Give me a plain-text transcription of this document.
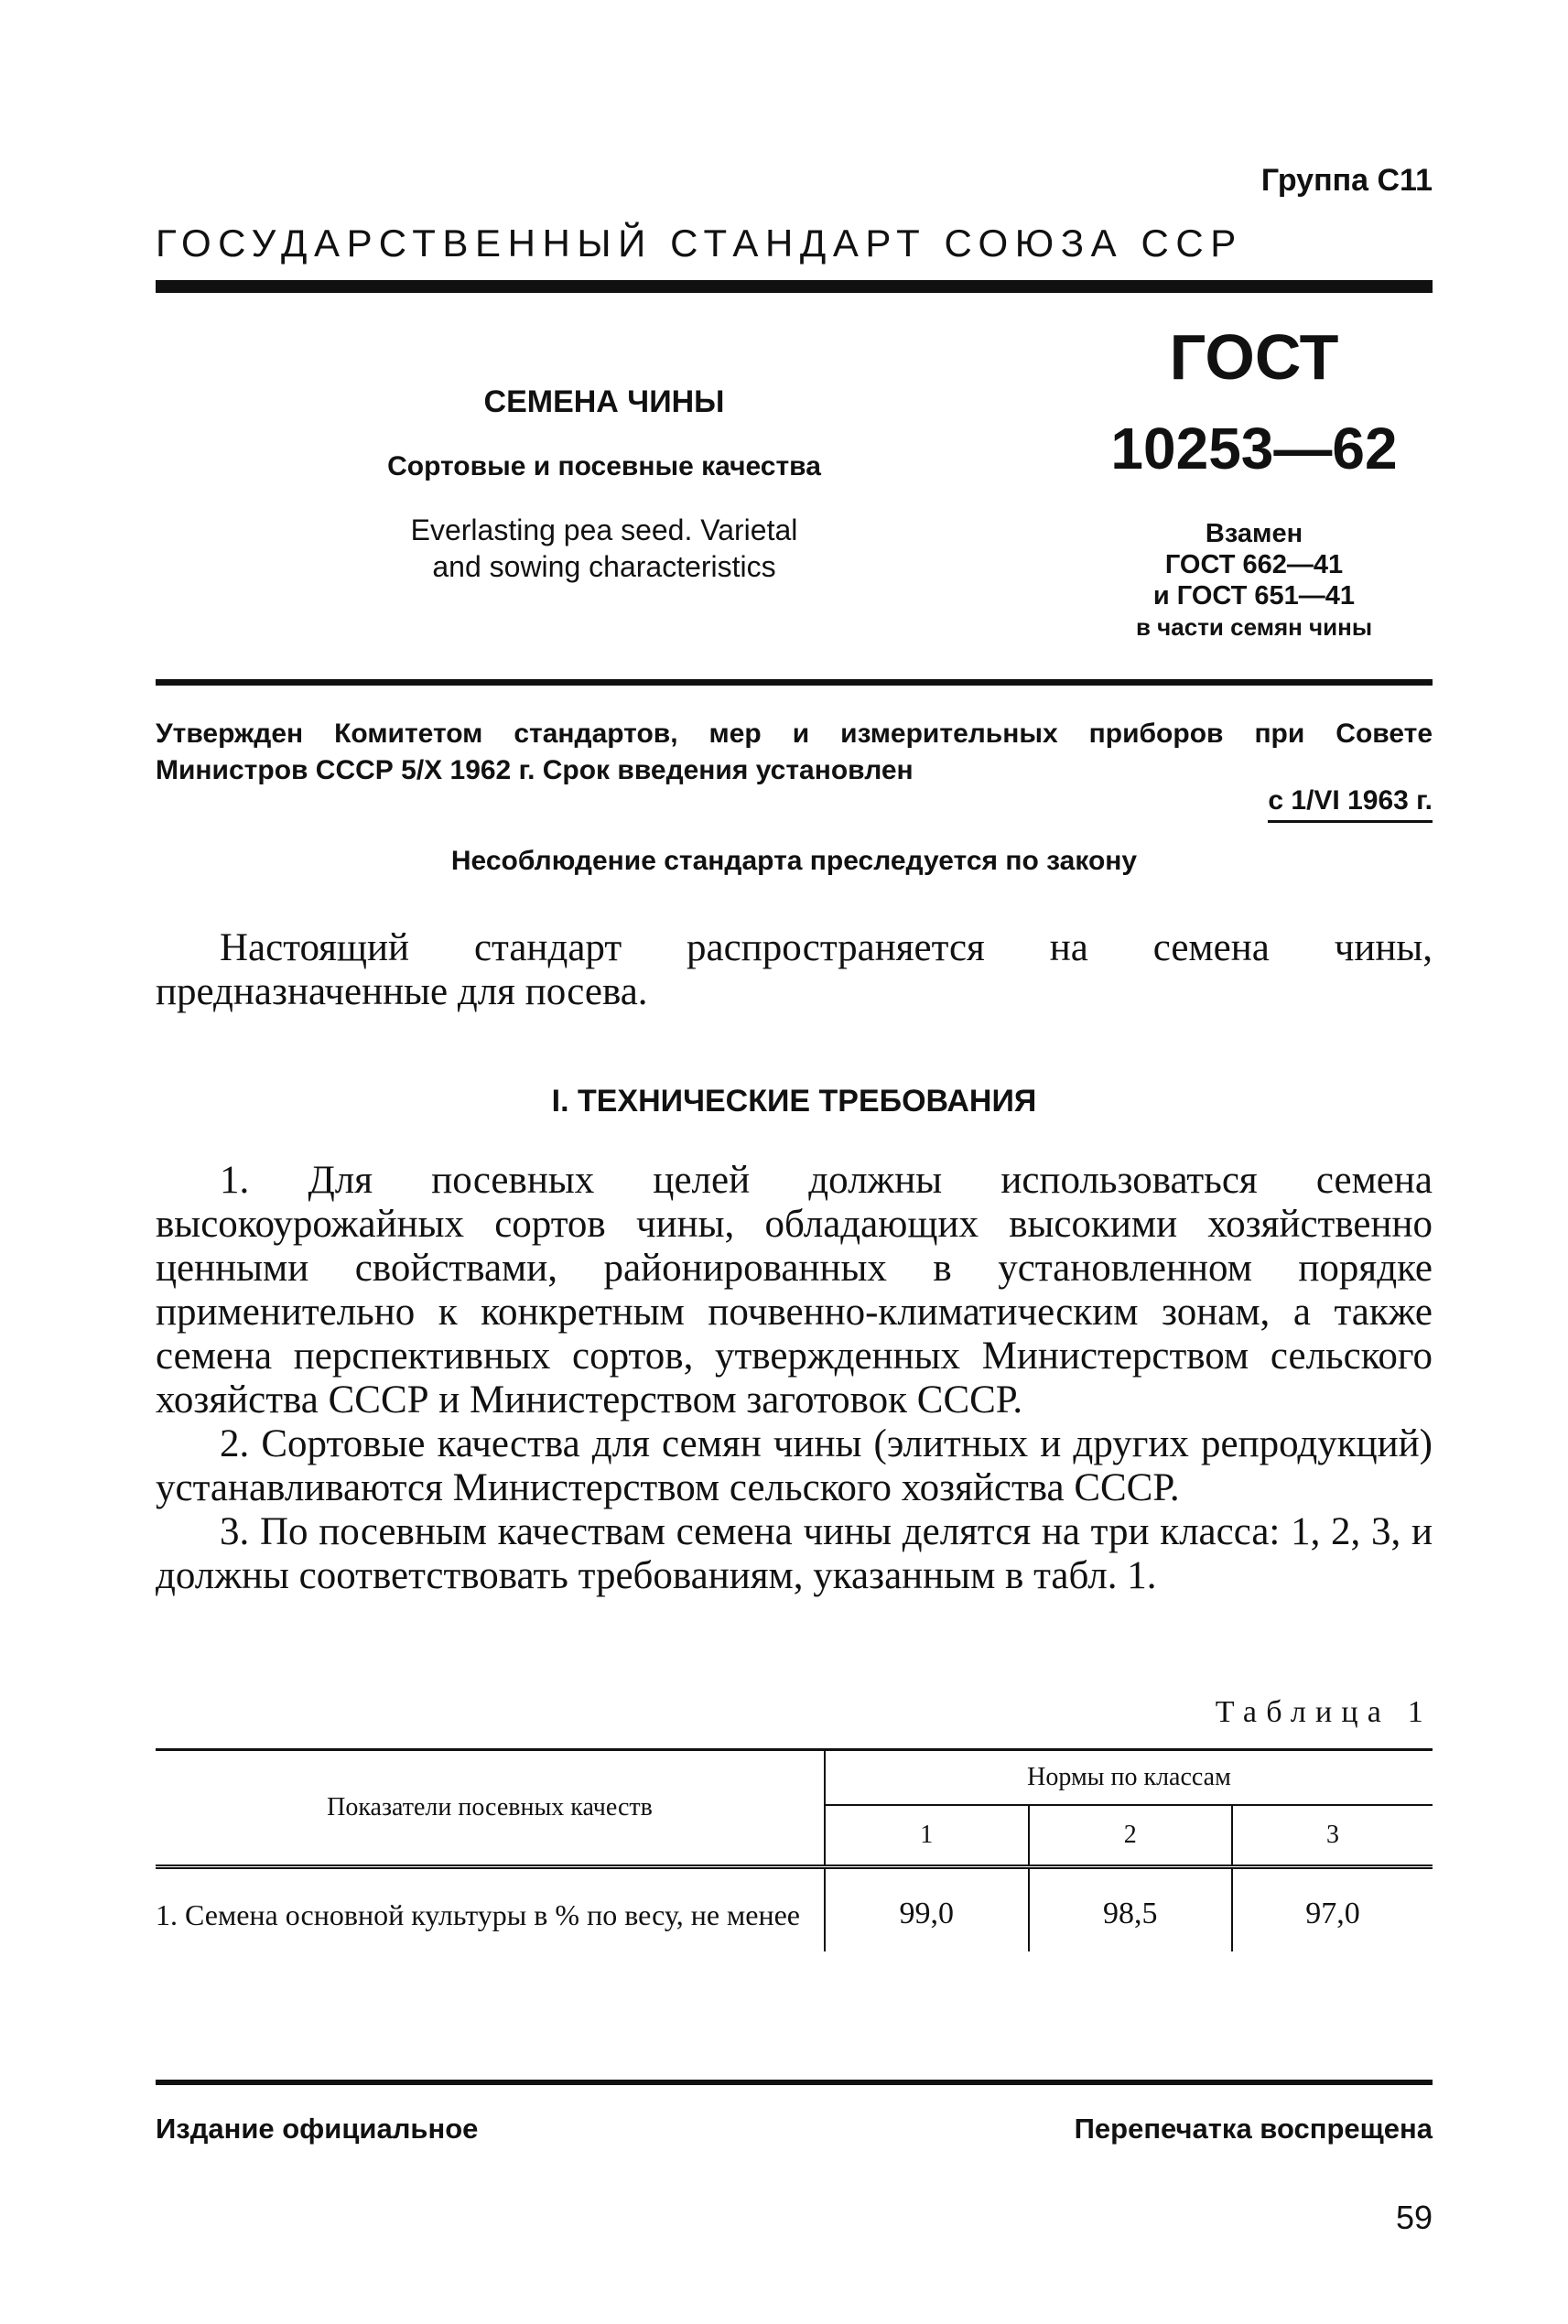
Группа С11
ГОСУДАРСТВЕННЫЙ СТАНДАРТ СОЮЗА ССР
СЕМЕНА ЧИНЫ
Сортовые и посевные качества
Everlasting pea seed. Varietal
and sowing characteristics
ГОСТ
10253—62
Взамен
ГОСТ 662—41
и ГОСТ 651—41
в части семян чины
Утвержден Комитетом стандартов, мер и измерительных приборов при Совете
Министров СССР 5/X 1962 г. Срок введения установлен
с 1/VI 1963 г.
Несоблюдение стандарта преследуется по закону

Настоящий стандарт распространяется на семена чины, предназначенные для посева.

I. ТЕХНИЧЕСКИЕ ТРЕБОВАНИЯ

1. Для посевных целей должны использоваться семена высокоурожайных сортов чины, обладающих высокими хозяйственно ценными свойствами, районированных в установленном порядке применительно к конкретным почвенно-климатическим зонам, а также семена перспективных сортов, утвержденных Министерством сельского хозяйства СССР и Министерством заготовок СССР.

2. Сортовые качества для семян чины (элитных и других репродукций) устанавливаются Министерством сельского хозяйства СССР.

3. По посевным качествам семена чины делятся на три класса: 1, 2, 3, и должны соответствовать требованиям, указанным в табл. 1.

Таблица 1
Показатели посевных качеств	Нормы по классам		
	1	2	3
1. Семена основной культуры в % по весу, не менее	99,0	98,5	97,0
Издание официальное	Перепечатка воспрещена
59
